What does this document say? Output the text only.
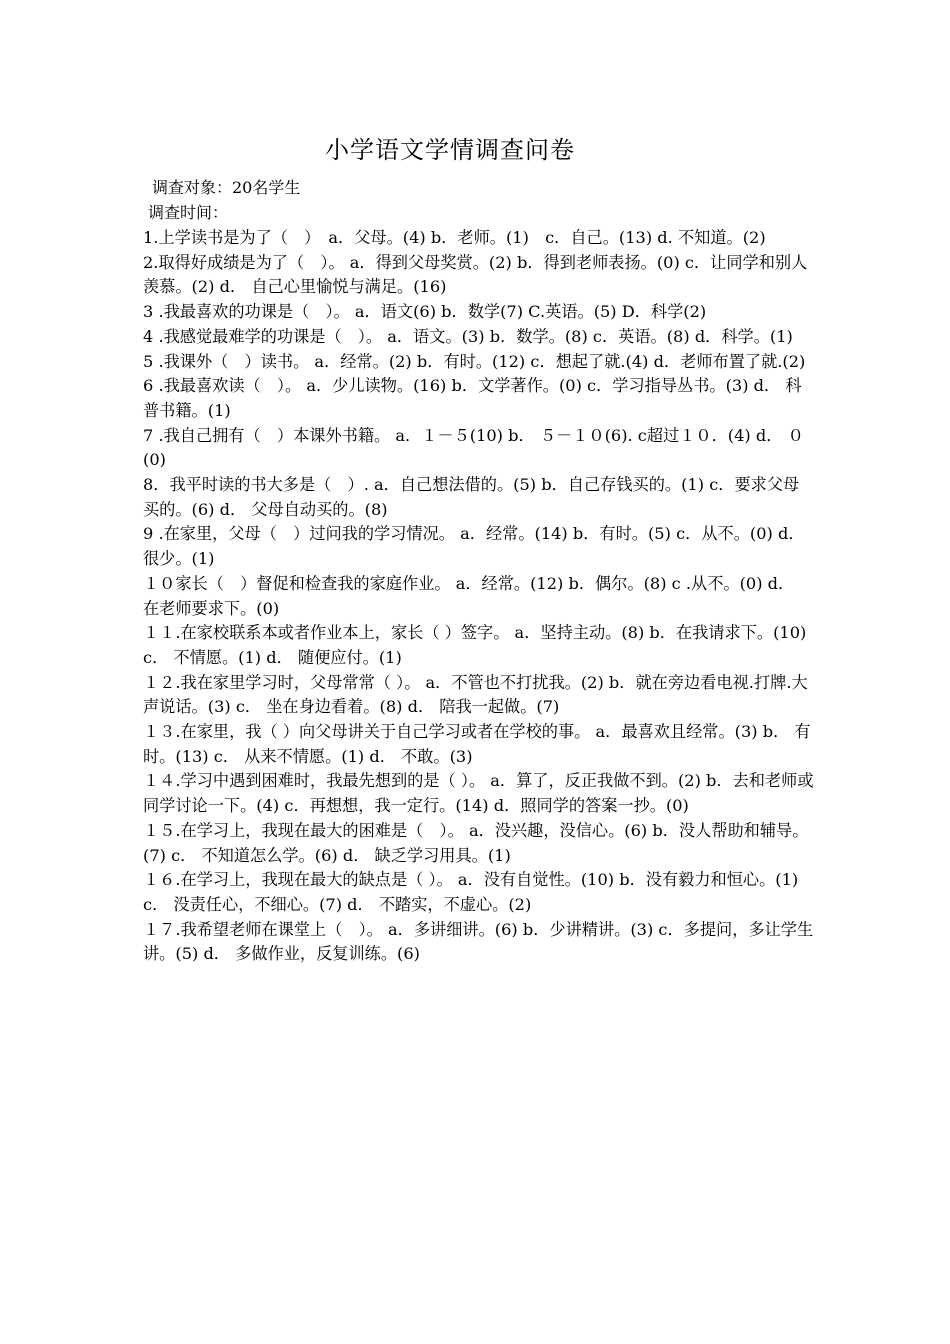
小学语文学情调查问卷
调查对象：20名学生
调查时间：

1.上学读书是为了（　）　a．父母。(4) b．老师。(1)　c．自己。(13) d. 不知道。(2)

2.取得好成绩是为了（　）。 a．得到父母奖赏。(2) b．得到老师表扬。(0) c．让同学和别人羡慕。(2) d． 自己心里愉悦与满足。(16)

3 .我最喜欢的功课是（　）。 a．语文(6) b．数学(7) C.英语。(5) D．科学(2)

4 .我感觉最难学的功课是（　）。 a．语文。(3) b．数学。(8) c．英语。(8) d．科学。(1)

5 .我课外（　）读书。 a．经常。(2) b．有时。(12) c．想起了就.(4) d．老师布置了就.(2)

6 .我最喜欢读（　）。 a．少儿读物。(16) b．文学著作。(0) c．学习指导丛书。(3) d． 科普书籍。(1)

7 .我自己拥有（　）本课外书籍。 a．１－５(10) b． ５－１０(6). c超过１０．(4) d． ０(0)

8．我平时读的书大多是（　）. a．自己想法借的。(5) b．自己存钱买的。(1) c．要求父母买的。(6) d． 父母自动买的。(8)

9 .在家里，父母（　）过问我的学习情况。 a．经常。(14) b．有时。(5) c．从不。(0) d． 很少。(1)

１０家长（　）督促和检查我的家庭作业。 a．经常。(12) b．偶尔。(8) c .从不。(0) d． 在老师要求下。(0)

１１.在家校联系本或者作业本上，家长（ ）签字。 a．坚持主动。(8) b．在我请求下。(10) c． 不情愿。(1) d． 随便应付。(1)

１２.我在家里学习时，父母常常（ ）。 a．不管也不打扰我。(2) b．就在旁边看电视.打牌.大声说话。(3) c． 坐在身边看着。(8) d． 陪我一起做。(7)

１３.在家里，我（ ）向父母讲关于自己学习或者在学校的事。 a．最喜欢且经常。(3) b． 有时。(13) c． 从来不情愿。(1) d． 不敢。(3)

１４.学习中遇到困难时，我最先想到的是（ ）。 a．算了，反正我做不到。(2) b．去和老师或同学讨论一下。(4) c．再想想，我一定行。(14) d．照同学的答案一抄。(0)

１５.在学习上，我现在最大的困难是（　）。 a．没兴趣，没信心。(6) b．没人帮助和辅导。(7) c． 不知道怎么学。(6) d． 缺乏学习用具。(1)

１６.在学习上，我现在最大的缺点是（ ）。 a．没有自觉性。(10) b．没有毅力和恒心。(1) c． 没责任心，不细心。(7) d． 不踏实，不虚心。(2)

１７.我希望老师在课堂上（　）。 a．多讲细讲。(6) b．少讲精讲。(3) c．多提问，多让学生讲。(5) d． 多做作业，反复训练。(6)
